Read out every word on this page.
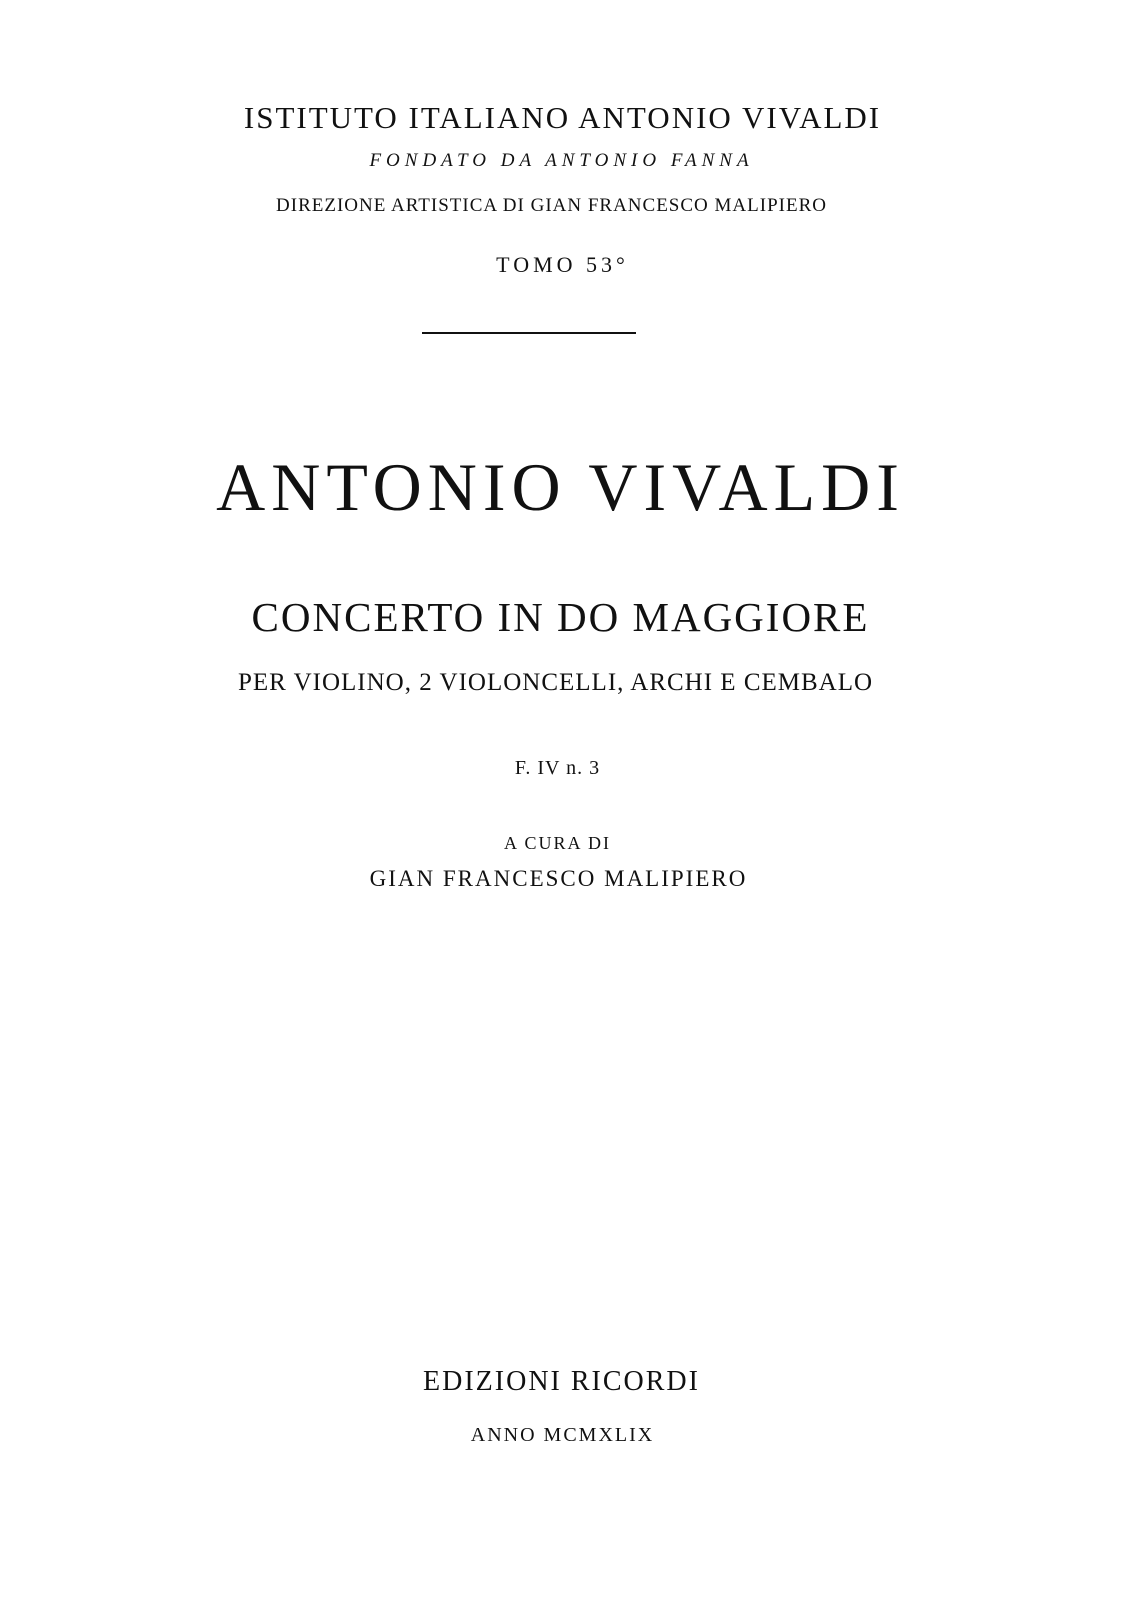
ISTITUTO ITALIANO ANTONIO VIVALDI
FONDATO DA ANTONIO FANNA
DIREZIONE ARTISTICA DI GIAN FRANCESCO MALIPIERO
TOMO 53°
ANTONIO VIVALDI
CONCERTO IN DO MAGGIORE
PER VIOLINO, 2 VIOLONCELLI, ARCHI E CEMBALO
F. IV n. 3
A CURA DI
GIAN FRANCESCO MALIPIERO
EDIZIONI RICORDI
ANNO MCMXLIX
